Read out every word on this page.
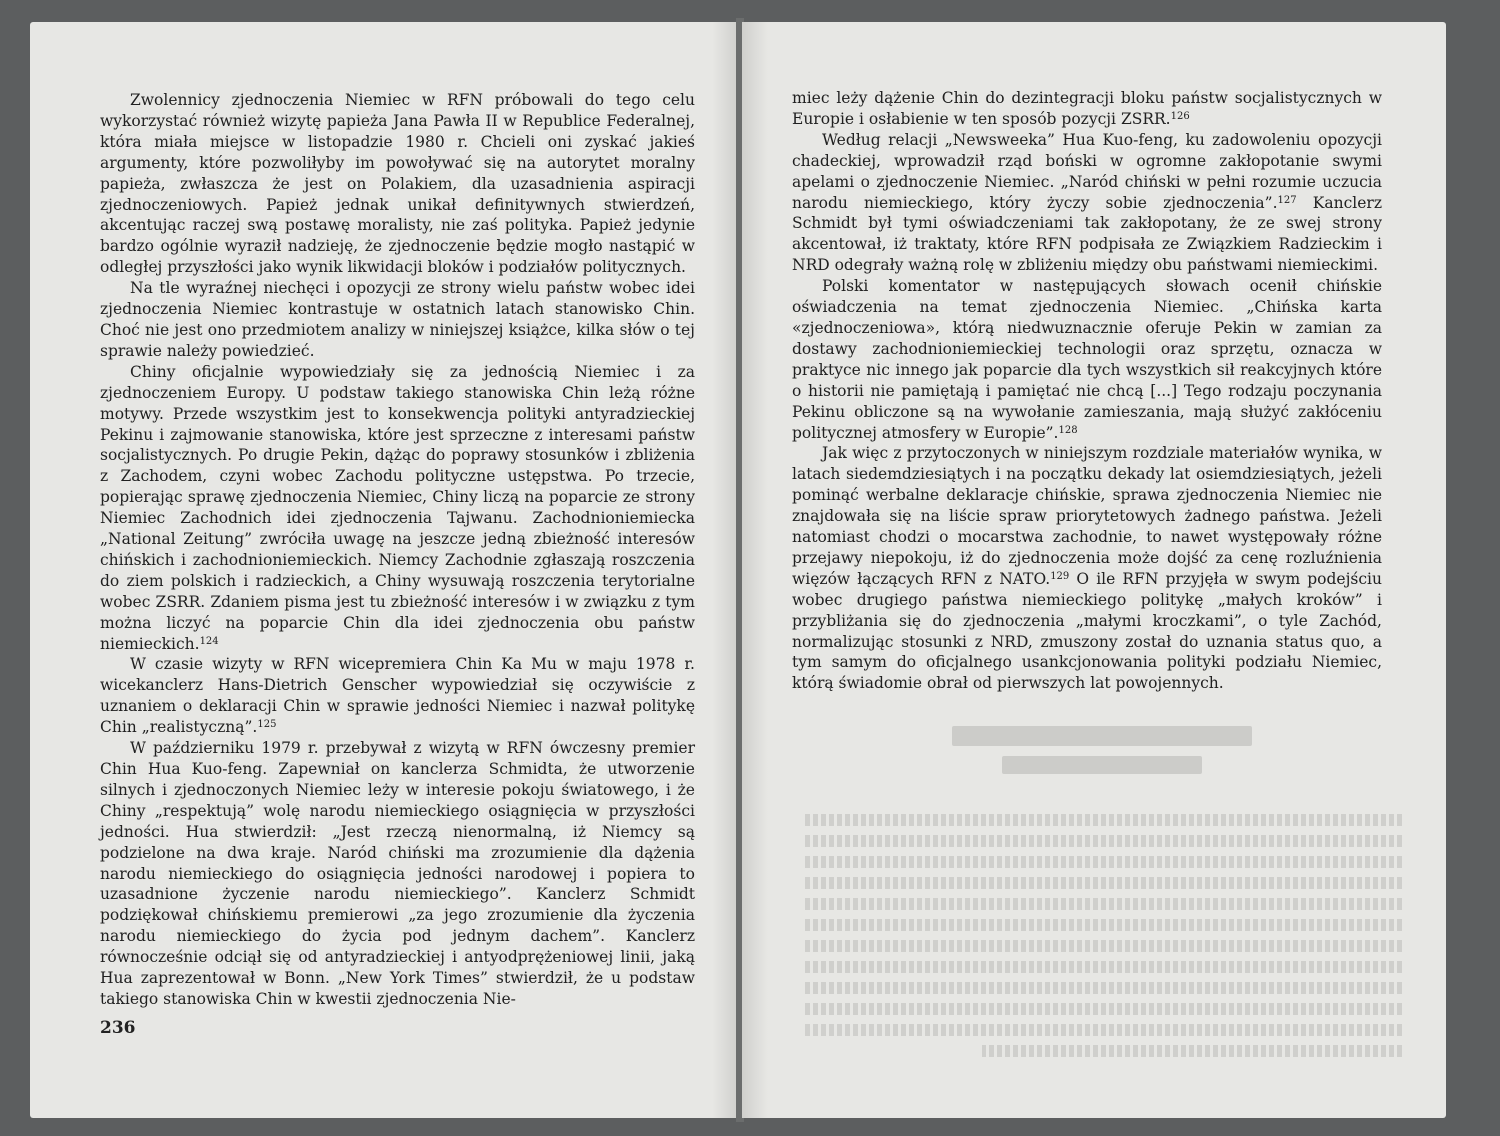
Zwolennicy zjednoczenia Niemiec w RFN próbowali do tego celu wykorzystać również wizytę papieża Jana Pawła II w Republice Federalnej, która miała miejsce w listopadzie 1980 r. Chcieli oni zyskać jakieś argumenty, które pozwoliłyby im powoływać się na autorytet moralny papieża, zwłaszcza że jest on Polakiem, dla uzasadnienia aspiracji zjednoczeniowych. Papież jednak unikał definitywnych stwierdzeń, akcentując raczej swą postawę moralisty, nie zaś polityka. Papież jedynie bardzo ogólnie wyraził nadzieję, że zjednoczenie będzie mogło nastąpić w odległej przyszłości jako wynik likwidacji bloków i podziałów politycznych.

Na tle wyraźnej niechęci i opozycji ze strony wielu państw wobec idei zjednoczenia Niemiec kontrastuje w ostatnich latach stanowisko Chin. Choć nie jest ono przedmiotem analizy w niniejszej książce, kilka słów o tej sprawie należy powiedzieć.

Chiny oficjalnie wypowiedziały się za jednością Niemiec i za zjednoczeniem Europy. U podstaw takiego stanowiska Chin leżą różne motywy. Przede wszystkim jest to konsekwencja polityki antyradzieckiej Pekinu i zajmowanie stanowiska, które jest sprzeczne z interesami państw socjalistycznych. Po drugie Pekin, dążąc do poprawy stosunków i zbliżenia z Zachodem, czyni wobec Zachodu polityczne ustępstwa. Po trzecie, popierając sprawę zjednoczenia Niemiec, Chiny liczą na poparcie ze strony Niemiec Zachodnich idei zjednoczenia Tajwanu. Zachodnioniemiecka „National Zeitung” zwróciła uwagę na jeszcze jedną zbieżność interesów chińskich i zachodnioniemieckich. Niemcy Zachodnie zgłaszają roszczenia do ziem polskich i radzieckich, a Chiny wysuwają roszczenia terytorialne wobec ZSRR. Zdaniem pisma jest tu zbieżność interesów i w związku z tym można liczyć na poparcie Chin dla idei zjednoczenia obu państw niemieckich.$^{124}$

W czasie wizyty w RFN wicepremiera Chin Ka Mu w maju 1978 r. wicekanclerz Hans-Dietrich Genscher wypowiedział się oczywiście z uznaniem o deklaracji Chin w sprawie jedności Niemiec i nazwał politykę Chin „realistyczną”.$^{125}$

W październiku 1979 r. przebywał z wizytą w RFN ówczesny premier Chin Hua Kuo-feng. Zapewniał on kanclerza Schmidta, że utworzenie silnych i zjednoczonych Niemiec leży w interesie pokoju światowego, i że Chiny „respektują” wolę narodu niemieckiego osiągnięcia w przyszłości jedności. Hua stwierdził: „Jest rzeczą nienormalną, iż Niemcy są podzielone na dwa kraje. Naród chiński ma zrozumienie dla dążenia narodu niemieckiego do osiągnięcia jedności narodowej i popiera to uzasadnione życzenie narodu niemieckiego”. Kanclerz Schmidt podziękował chińskiemu premierowi „za jego zrozumienie dla życzenia narodu niemieckiego do życia pod jednym dachem”. Kanclerz równocześnie odciął się od antyradzieckiej i antyodprężeniowej linii, jaką Hua zaprezentował w Bonn. „New York Times” stwierdził, że u podstaw takiego stanowiska Chin w kwestii zjednoczenia Nie-

236

miec leży dążenie Chin do dezintegracji bloku państw socjalistycznych w Europie i osłabienie w ten sposób pozycji ZSRR.$^{126}$

Według relacji „Newsweeka” Hua Kuo-feng, ku zadowoleniu opozycji chadeckiej, wprowadził rząd boński w ogromne zakłopotanie swymi apelami o zjednoczenie Niemiec. „Naród chiński w pełni rozumie uczucia narodu niemieckiego, który życzy sobie zjednoczenia”.$^{127}$ Kanclerz Schmidt był tymi oświadczeniami tak zakłopotany, że ze swej strony akcentował, iż traktaty, które RFN podpisała ze Związkiem Radzieckim i NRD odegrały ważną rolę w zbliżeniu między obu państwami niemieckimi.

Polski komentator w następujących słowach ocenił chińskie oświadczenia na temat zjednoczenia Niemiec. „Chińska karta «zjednoczeniowa», którą niedwuznacznie oferuje Pekin w zamian za dostawy zachodnioniemieckiej technologii oraz sprzętu, oznacza w praktyce nic innego jak poparcie dla tych wszystkich sił reakcyjnych które o historii nie pamiętają i pamiętać nie chcą [...] Tego rodzaju poczynania Pekinu obliczone są na wywołanie zamieszania, mają służyć zakłóceniu politycznej atmosfery w Europie”.$^{128}$

Jak więc z przytoczonych w niniejszym rozdziale materiałów wynika, w latach siedemdziesiątych i na początku dekady lat osiemdziesiątych, jeżeli pominąć werbalne deklaracje chińskie, sprawa zjednoczenia Niemiec nie znajdowała się na liście spraw priorytetowych żadnego państwa. Jeżeli natomiast chodzi o mocarstwa zachodnie, to nawet występowały różne przejawy niepokoju, iż do zjednoczenia może dojść za cenę rozluźnienia więzów łączących RFN z NATO.$^{129}$ O ile RFN przyjęła w swym podejściu wobec drugiego państwa niemieckiego politykę „małych kroków” i przybliżania się do zjednoczenia „małymi kroczkami”, o tyle Zachód, normalizując stosunki z NRD, zmuszony został do uznania status quo, a tym samym do oficjalnego usankcjonowania polityki podziału Niemiec, którą świadomie obrał od pierwszych lat powojennych.
